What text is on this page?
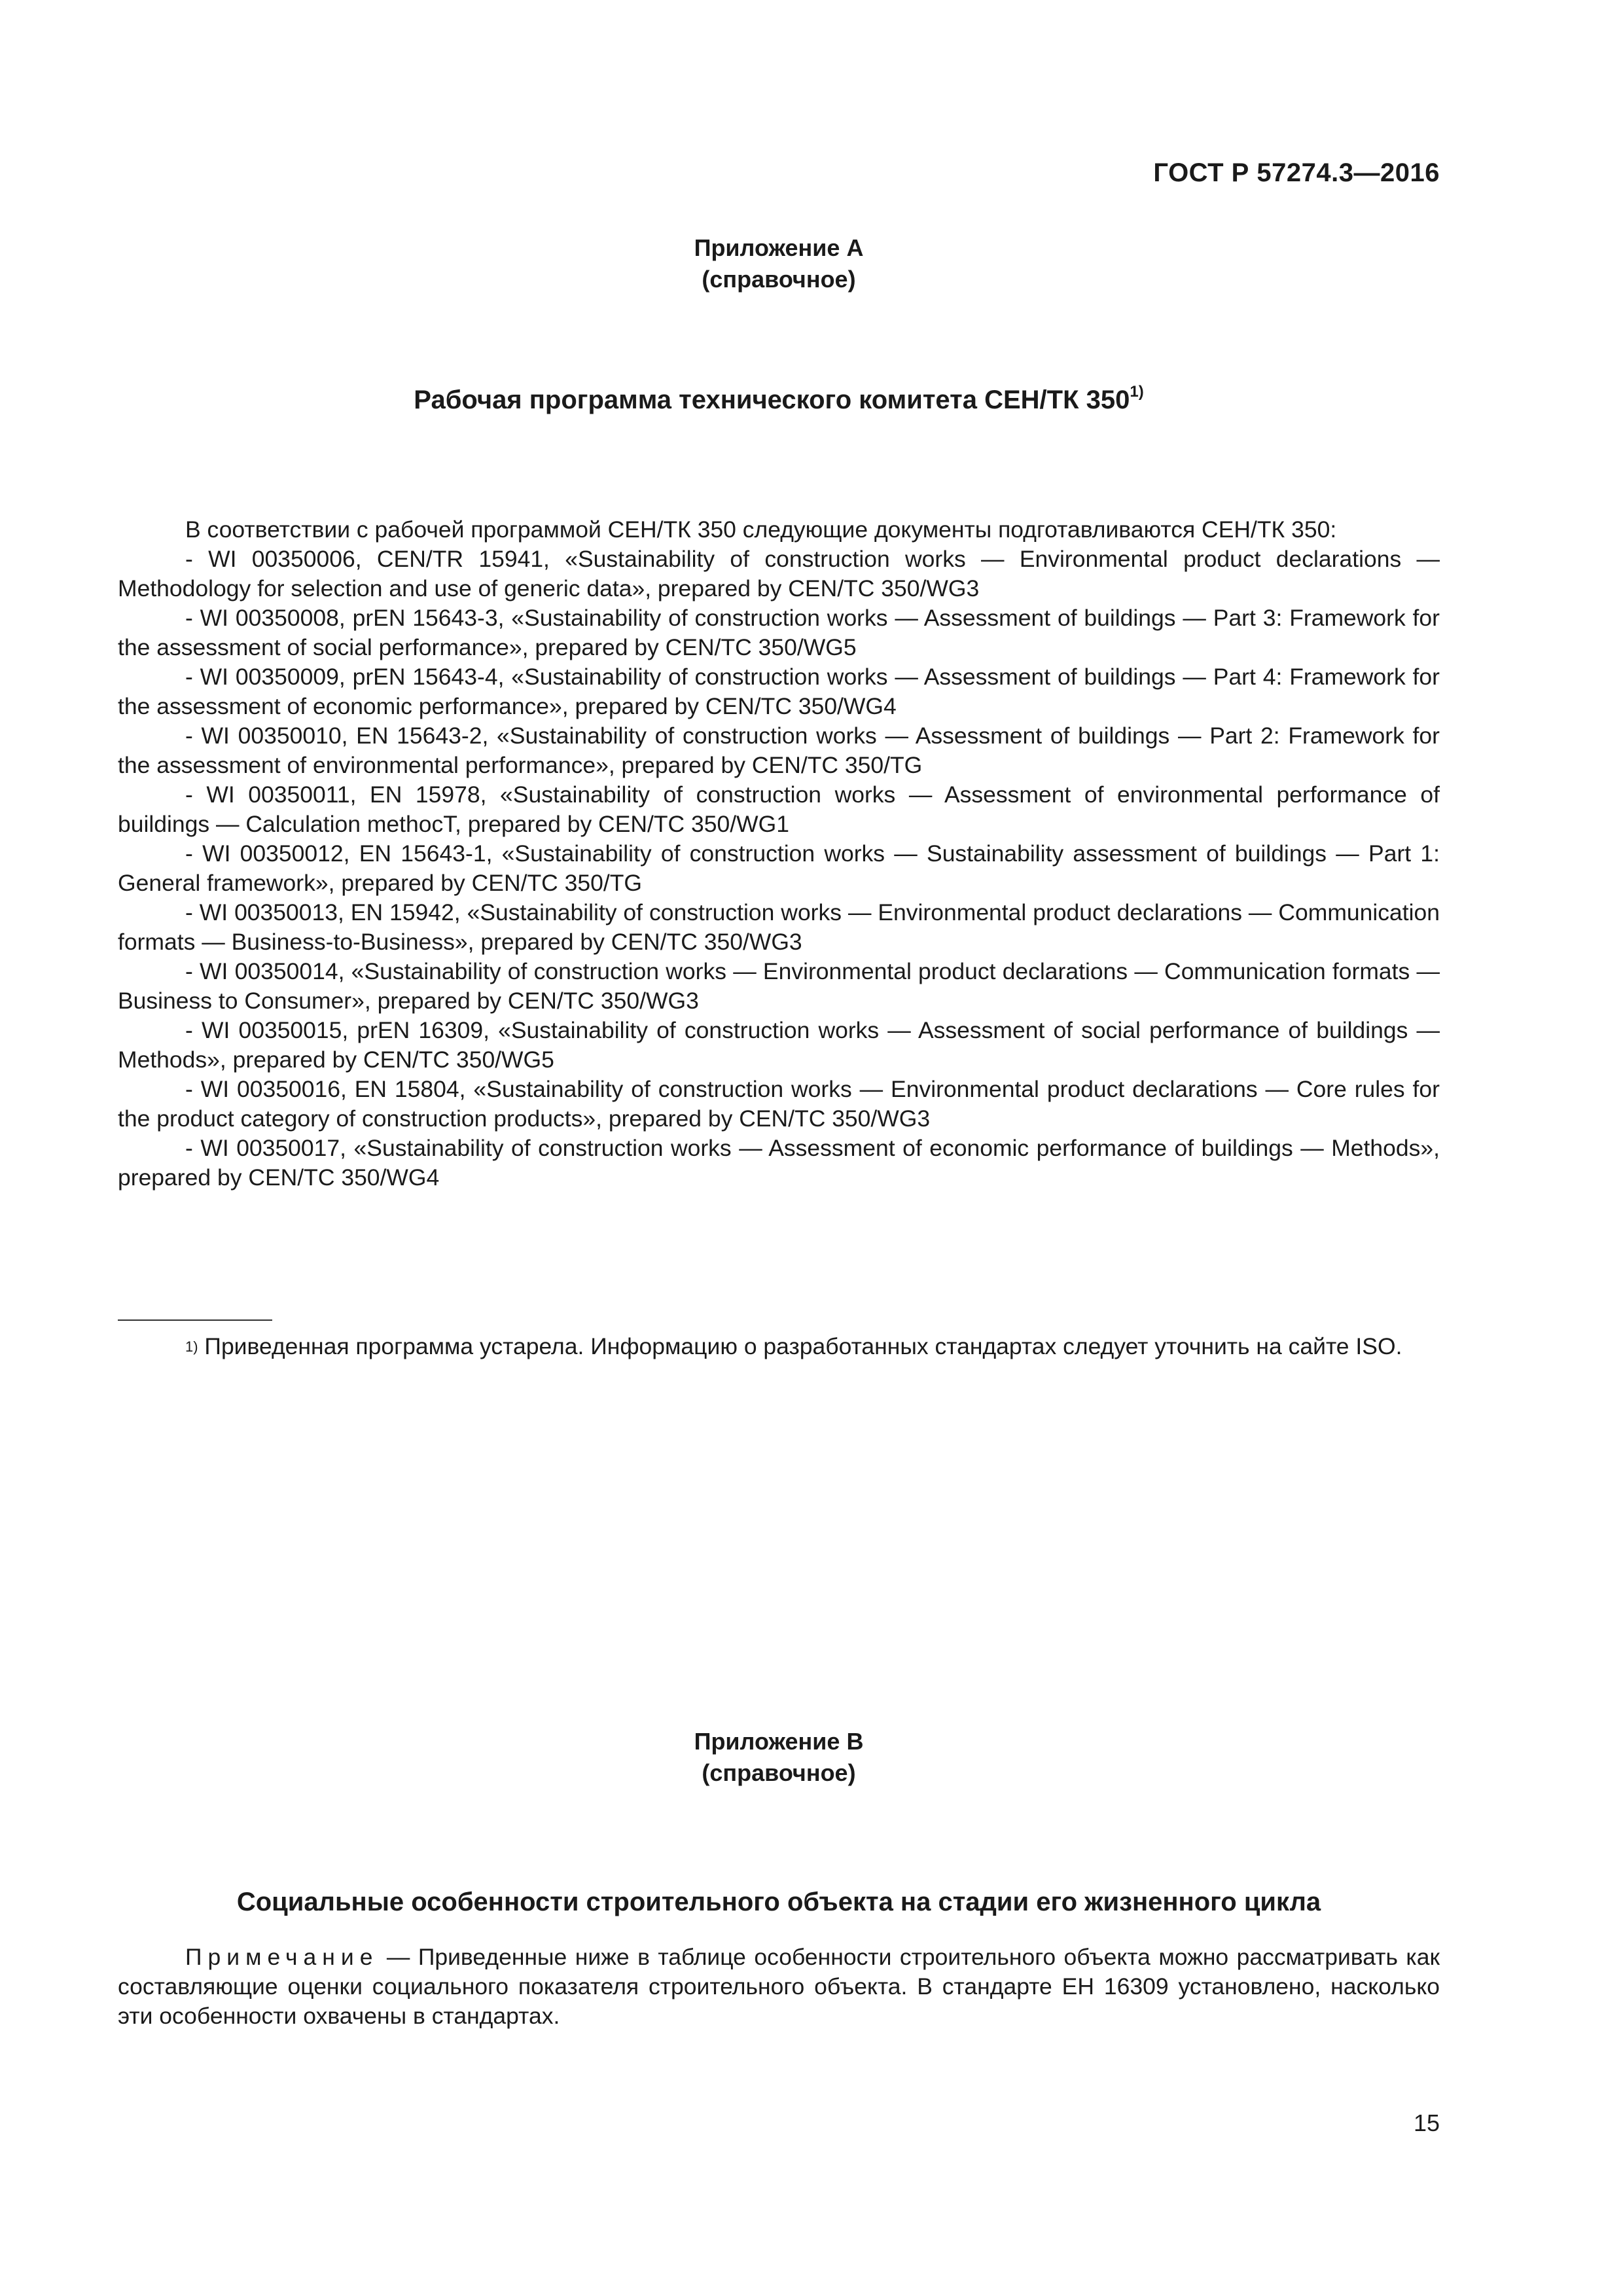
ГОСТ Р 57274.3—2016
Приложение А
(справочное)
Рабочая программа технического комитета СЕН/ТК 350$^{1)}$

В соответствии с рабочей программой СЕН/ТК 350 следующие документы подготавливаются СЕН/ТК 350:

- WI 00350006, CEN/TR 15941, «Sustainability of construction works — Environmental product declarations — Methodology for selection and use of generic data», prepared by CEN/TC 350/WG3

- WI 00350008, prEN 15643-3, «Sustainability of construction works — Assessment of buildings — Part 3: Framework for the assessment of social performance», prepared by CEN/TC 350/WG5

- WI 00350009, prEN 15643-4, «Sustainability of construction works — Assessment of buildings — Part 4: Framework for the assessment of economic performance», prepared by CEN/TC 350/WG4

- WI 00350010, EN 15643-2, «Sustainability of construction works — Assessment of buildings — Part 2: Framework for the assessment of environmental performance», prepared by CEN/TC 350/TG

- WI 00350011, EN 15978, «Sustainability of construction works — Assessment of environmental performance of buildings — Calculation methocT, prepared by CEN/TC 350/WG1

- WI 00350012, EN 15643-1, «Sustainability of construction works — Sustainability assessment of buildings — Part 1: General framework», prepared by CEN/TC 350/TG

- WI 00350013, EN 15942, «Sustainability of construction works — Environmental product declarations — Communication formats — Business-to-Business», prepared by CEN/TC 350/WG3

- WI 00350014, «Sustainability of construction works — Environmental product declarations — Communication formats — Business to Consumer», prepared by CEN/TC 350/WG3

- WI 00350015, prEN 16309, «Sustainability of construction works — Assessment of social performance of buildings — Methods», prepared by CEN/TC 350/WG5

- WI 00350016, EN 15804, «Sustainability of construction works — Environmental product declarations — Core rules for the product category of construction products», prepared by CEN/TC 350/WG3

- WI 00350017, «Sustainability of construction works — Assessment of economic performance of buildings — Methods», prepared by CEN/TC 350/WG4

$^{1)}$ Приведенная программа устарела. Информацию о разработанных стандартах следует уточнить на сайте ISO.
Приложение В
(справочное)
Социальные особенности строительного объекта на стадии его жизненного цикла
Примечание — Приведенные ниже в таблице особенности строительного объекта можно рассматривать как составляющие оценки социального показателя строительного объекта. В стандарте ЕН 16309 установлено, насколько эти особенности охвачены в стандартах.
15
